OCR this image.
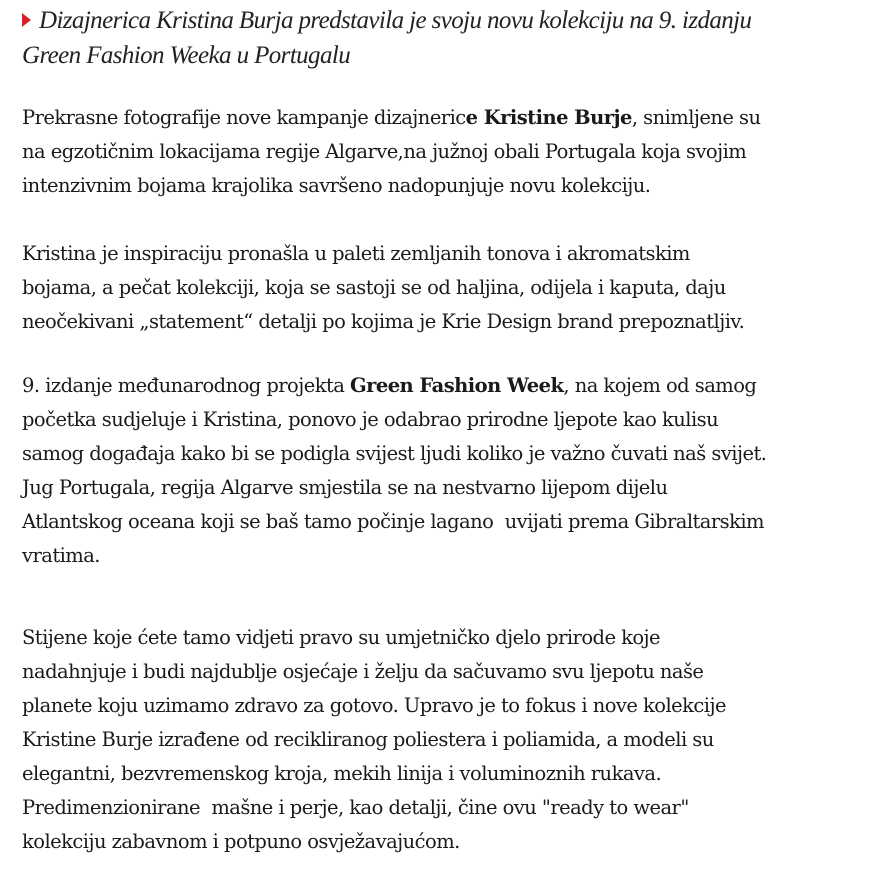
Dizajnerica Kristina Burja predstavila je svoju novu kolekciju na 9. izdanju
Green Fashion Weeka u Portugalu

Prekrasne fotografije nove kampanje dizajnerice Kristine Burje, snimljene su
na egzotičnim lokacijama regije Algarve,na južnoj obali Portugala koja svojim
intenzivnim bojama krajolika savršeno nadopunjuje novu kolekciju.

Kristina je inspiraciju pronašla u paleti zemljanih tonova i akromatskim
bojama, a pečat kolekciji, koja se sastoji se od haljina, odijela i kaputa, daju
neočekivani „statement“ detalji po kojima je Krie Design brand prepoznatljiv.

9. izdanje međunarodnog projekta Green Fashion Week, na kojem od samog
početka sudjeluje i Kristina, ponovo je odabrao prirodne ljepote kao kulisu
samog događaja kako bi se podigla svijest ljudi koliko je važno čuvati naš svijet.
Jug Portugala, regija Algarve smjestila se na nestvarno lijepom dijelu
Atlantskog oceana koji se baš tamo počinje lagano  uvijati prema Gibraltarskim
vratima.

Stijene koje ćete tamo vidjeti pravo su umjetničko djelo prirode koje
nadahnjuje i budi najdublje osjećaje i želju da sačuvamo svu ljepotu naše
planete koju uzimamo zdravo za gotovo. Upravo je to fokus i nove kolekcije
Kristine Burje izrađene od recikliranog poliestera i poliamida, a modeli su
elegantni, bezvremenskog kroja, mekih linija i voluminoznih rukava.
Predimenzionirane  mašne i perje, kao detalji, čine ovu "ready to wear"
kolekciju zabavnom i potpuno osvježavajućom.
